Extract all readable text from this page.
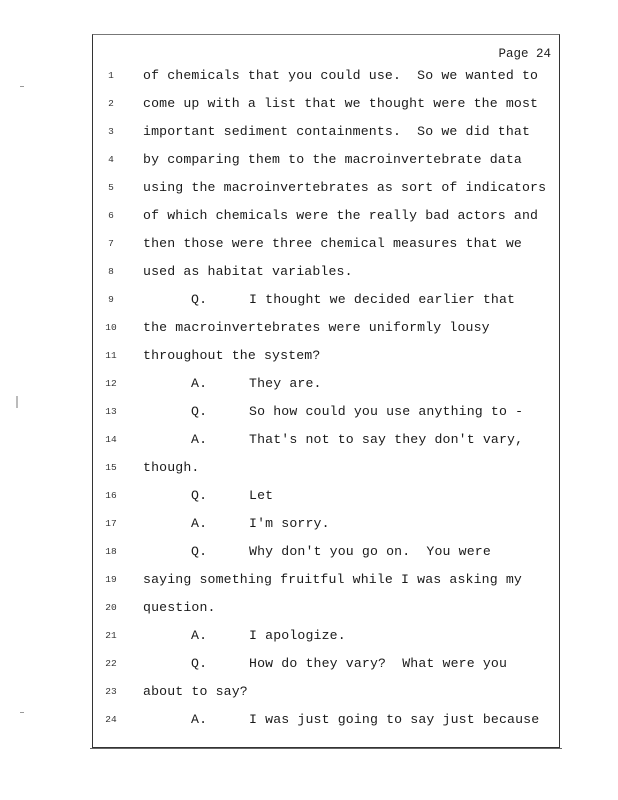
Page 24
1	of chemicals that you could use.  So we wanted to
2	come up with a list that we thought were the most
3	important sediment containments.  So we did that
4	by comparing them to the macroinvertebrate data
5	using the macroinvertebrates as sort of indicators
6	of which chemicals were the really bad actors and
7	then those were three chemical measures that we
8	used as habitat variables.
9	Q.	I thought we decided earlier that
10	the macroinvertebrates were uniformly lousy
11	throughout the system?
12	A.	They are.
13	Q.	So how could you use anything to -
14	A.	That's not to say they don't vary,
15	though.
16	Q.	Let
17	A.	I'm sorry.
18	Q.	Why don't you go on.  You were
19	saying something fruitful while I was asking my
20	question.
21	A.	I apologize.
22	Q.	How do they vary?  What were you
23	about to say?
24	A.	I was just going to say just because
